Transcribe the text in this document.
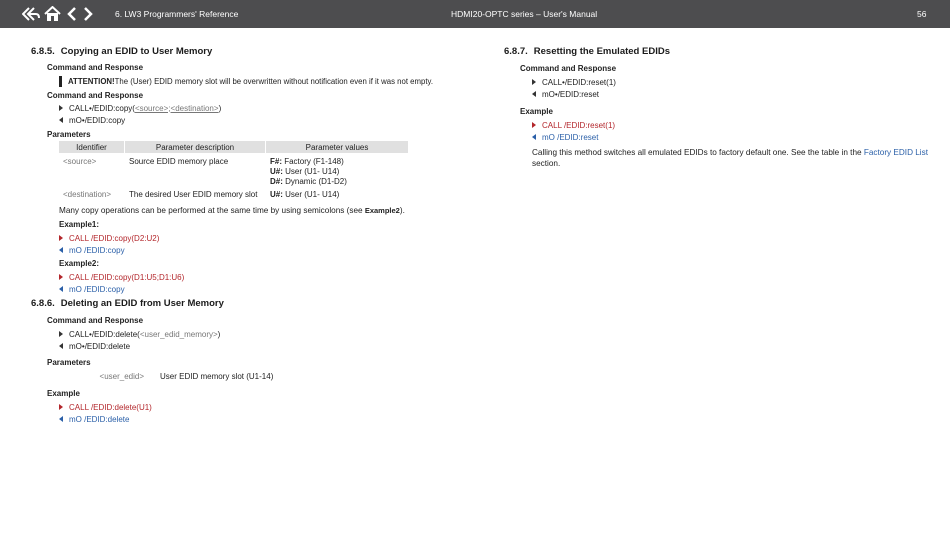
6. LW3 Programmers' Reference	HDMI20-OPTC series – User's Manual	56
6.8.5. Copying an EDID to User Memory
Command and Response
ATTENTION! The (User) EDID memory slot will be overwritten without notification even if it was not empty.
Command and Response
CALL•/EDID:copy( <source>;<destination> )
mO•/EDID:copy
Parameters
Identifier	Parameter description	Parameter values
<source>	Source EDID memory place	F#: Factory (F1-148)
U#: User (U1- U14)
D#: Dynamic (D1-D2)

<destination>	The desired User EDID memory slot	U#: User (U1- U14)
Many copy operations can be performed at the same time by using semicolons (see Example2).
Example1:
CALL /EDID:copy(D2:U2)
mO /EDID:copy
Example2:
CALL /EDID:copy(D1:U5;D1:U6)
mO /EDID:copy
6.8.6. Deleting an EDID from User Memory
Command and Response
CALL•/EDID:delete( <user_edid_memory> )
mO•/EDID:delete
Parameters
<user_edid> User EDID memory slot (U1-14)
Example
CALL /EDID:delete(U1)
mO /EDID:delete
6.8.7. Resetting the Emulated EDIDs
Command and Response
CALL•/EDID:reset(1)
mO•/EDID:reset
Example
CALL /EDID:reset(1)
mO /EDID:reset
Calling this method switches all emulated EDIDs to factory default one. See the table in the Factory EDID List section.
